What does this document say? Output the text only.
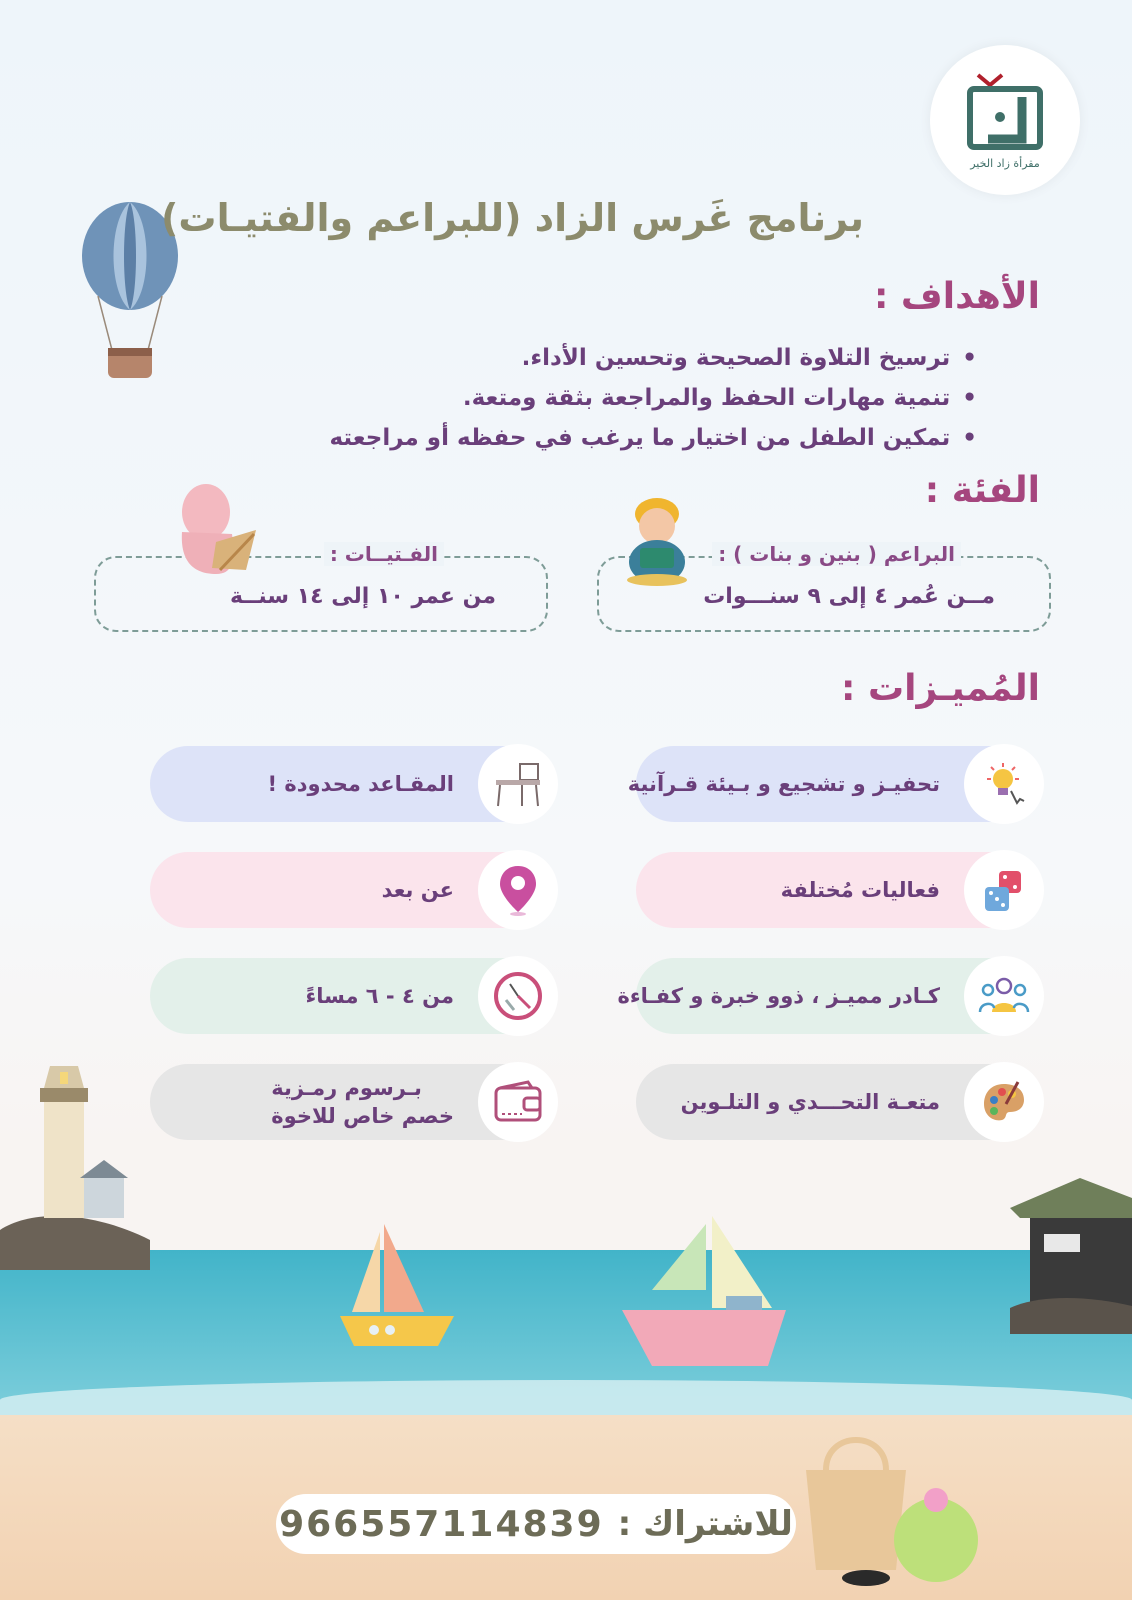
مقرأة زاد الخير
برنامج غَرس الزاد (للبراعم والفتيـات)
الأهداف :
• ترسيخ التلاوة الصحيحة وتحسين الأداء.
• تنمية مهارات الحفظ والمراجعة بثقة ومتعة.
• تمكين الطفل من اختيار ما يرغب في حفظه أو مراجعته
الفئة :
البراعم ( بنين و بنات ) :
مــن عُمر ٤ إلى ٩ سنـــوات
الفـتيــات :
من عمر ١٠ إلى ١٤ سنــة
المُميـزات :
تحفيـز و تشجيع و بـيئة قـرآنية
المقـاعد محدودة !
فعاليات مُختلفة
عن بعد
كـادر مميـز ، ذوو خبرة و كفـاءة
من ٤ - ٦ مساءً
متعـة التحـــدي و التلـوين
بـرسوم رمـزية
خصم خاص للاخوة
للاشتراك :
966557114839
